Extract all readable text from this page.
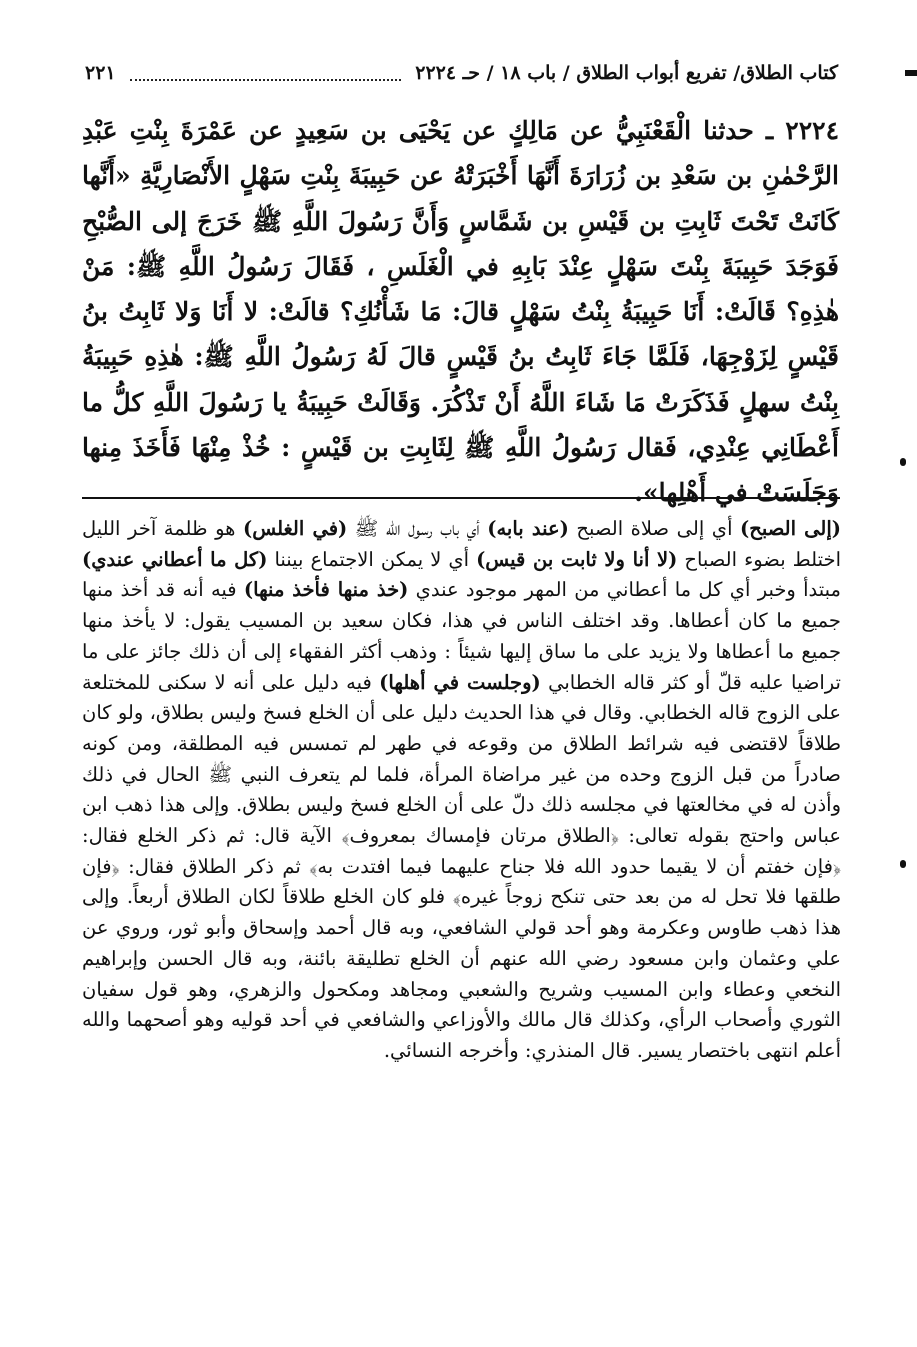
كتاب الطلاق/ تفريع أبواب الطلاق / باب ١٨ / حـ ٢٢٢٤
٢٢١
٢٢٢٤ ـ حدثنا الْقَعْنَبِيُّ عن مَالِكٍ عن يَحْيَى بن سَعِيدٍ عن عَمْرَةَ بِنْتِ عَبْدِ الرَّحْمٰنِ بن سَعْدِ بن زُرَارَةَ أَنَّهَا أَخْبَرَتْهُ عن حَبِيبَةَ بِنْتِ سَهْلٍ الأَنْصَارِيَّةِ «أَنَّها كَانَتْ تَحْتَ ثَابِتِ بن قَيْسِ بن شَمَّاسٍ وَأَنَّ رَسُولَ اللَّهِ ﷺ خَرَجَ إلى الصُّبْحِ فَوَجَدَ حَبِيبَةَ بِنْتَ سَهْلٍ عِنْدَ بَابِهِ في الْغَلَسِ ، فَقَالَ رَسُولُ اللَّهِ ﷺ: مَنْ هٰذِهِ؟ قَالَتْ: أَنَا حَبِيبَةُ بِنْتُ سَهْلٍ قالَ: مَا شَأْنُكِ؟ قالَتْ: لا أَنَا وَلا ثَابِتُ بنُ قَيْسٍ لِزَوْجِهَا، فَلَمَّا جَاءَ ثَابِتُ بنُ قَيْسٍ قالَ لَهُ رَسُولُ اللَّهِ ﷺ: هٰذِهِ حَبِيبَةُ بِنْتُ سهلٍ فَذَكَرَتْ مَا شَاءَ اللَّهُ أَنْ تَذْكُرَ. وَقَالَتْ حَبِيبَةُ يا رَسُولَ اللَّهِ كلُّ ما أَعْطَانِي عِنْدِي، فَقال رَسُولُ اللَّهِ ﷺ لِثَابِتِ بن قَيْسٍ : خُذْ مِنْهَا فَأَخَذَ مِنها وَجَلَسَتْ في أَهْلِها».
(إلى الصبح) أي إلى صلاة الصبح (عند بابه) أي باب رسول الله ﷺ (في الغلس) هو ظلمة آخر الليل اختلط بضوء الصباح (لا أنا ولا ثابت بن قيس) أي لا يمكن الاجتماع بيننا (كل ما أعطاني عندي) مبتدأ وخبر أي كل ما أعطاني من المهر موجود عندي (خذ منها فأخذ منها) فيه أنه قد أخذ منها جميع ما كان أعطاها. وقد اختلف الناس في هذا، فكان سعيد بن المسيب يقول: لا يأخذ منها جميع ما أعطاها ولا يزيد على ما ساق إليها شيئاً : وذهب أكثر الفقهاء إلى أن ذلك جائز على ما تراضيا عليه قلّ أو كثر قاله الخطابي (وجلست في أهلها) فيه دليل على أنه لا سكنى للمختلعة على الزوج قاله الخطابي. وقال في هذا الحديث دليل على أن الخلع فسخ وليس بطلاق، ولو كان طلاقاً لاقتضى فيه شرائط الطلاق من وقوعه في طهر لم تمسس فيه المطلقة، ومن كونه صادراً من قبل الزوج وحده من غير مراضاة المرأة، فلما لم يتعرف النبي ﷺ الحال في ذلك وأذن له في مخالعتها في مجلسه ذلك دلّ على أن الخلع فسخ وليس بطلاق. وإلى هذا ذهب ابن عباس واحتج بقوله تعالى: ﴿الطلاق مرتان فإمساك بمعروف﴾ الآية قال: ثم ذكر الخلع فقال: ﴿فإن خفتم أن لا يقيما حدود الله فلا جناح عليهما فيما افتدت به﴾ ثم ذكر الطلاق فقال: ﴿فإن طلقها فلا تحل له من بعد حتى تنكح زوجاً غيره﴾ فلو كان الخلع طلاقاً لكان الطلاق أربعاً. وإلى هذا ذهب طاوس وعكرمة وهو أحد قولي الشافعي، وبه قال أحمد وإسحاق وأبو ثور، وروي عن علي وعثمان وابن مسعود رضي الله عنهم أن الخلع تطليقة بائنة، وبه قال الحسن وإبراهيم النخعي وعطاء وابن المسيب وشريح والشعبي ومجاهد ومكحول والزهري، وهو قول سفيان الثوري وأصحاب الرأي، وكذلك قال مالك والأوزاعي والشافعي في أحد قوليه وهو أصحهما والله أعلم انتهى باختصار يسير. قال المنذري: وأخرجه النسائي.
